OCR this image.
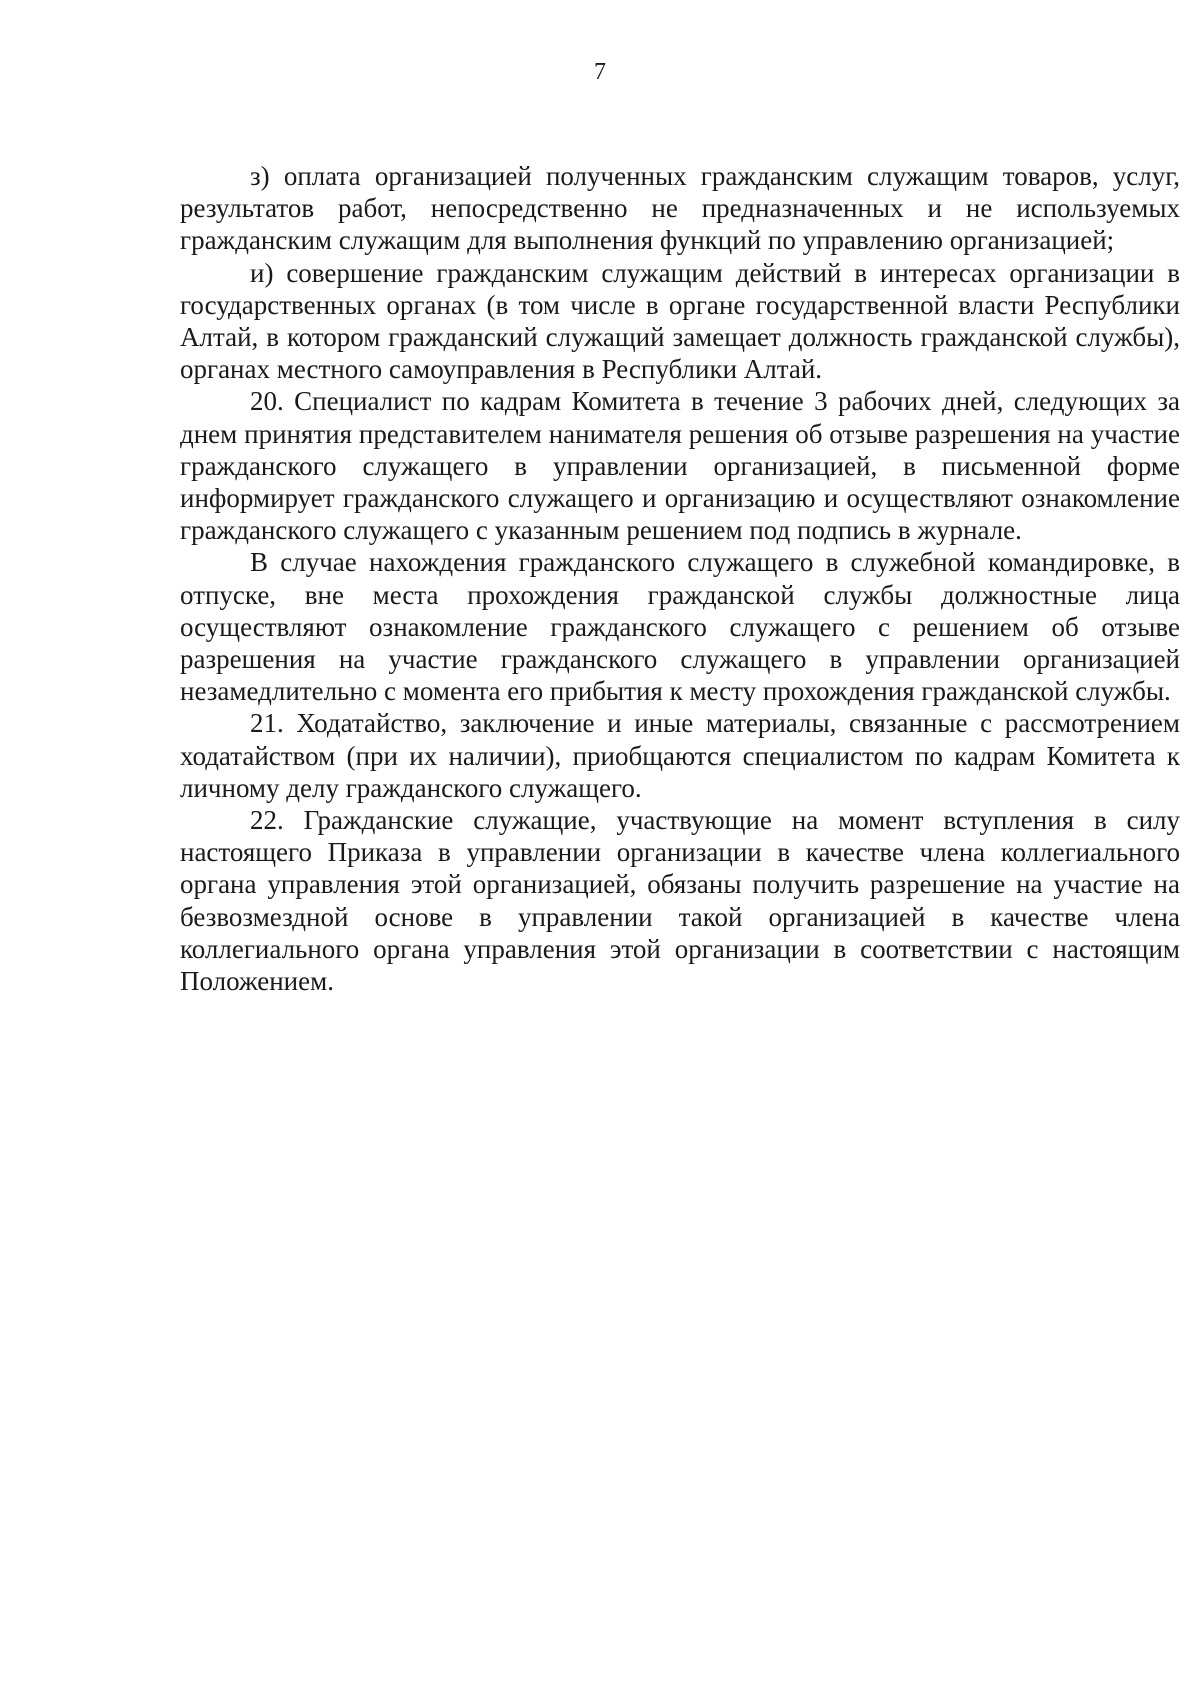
7

з) оплата организацией полученных гражданским служащим товаров, услуг, результатов работ, непосредственно не предназначенных и не используемых гражданским служащим для выполнения функций по управлению организацией;

и) совершение гражданским служащим действий в интересах организации в государственных органах (в том числе в органе государственной власти Республики Алтай, в котором гражданский служащий замещает должность гражданской службы), органах местного самоуправления в Республики Алтай.

20. Специалист по кадрам Комитета в течение 3 рабочих дней, следующих за днем принятия представителем нанимателя решения об отзыве разрешения на участие гражданского служащего в управлении организацией, в письменной форме информирует гражданского служащего и организацию и осуществляют ознакомление гражданского служащего с указанным решением под подпись в журнале.

В случае нахождения гражданского служащего в служебной командировке, в отпуске, вне места прохождения гражданской службы должностные лица осуществляют ознакомление гражданского служащего с решением об отзыве разрешения на участие гражданского служащего в управлении организацией незамедлительно с момента его прибытия к месту прохождения гражданской службы.

21. Ходатайство, заключение и иные материалы, связанные с рассмотрением ходатайством (при их наличии), приобщаются специалистом по кадрам Комитета к личному делу гражданского служащего.

22. Гражданские служащие, участвующие на момент вступления в силу настоящего Приказа в управлении организации в качестве члена коллегиального органа управления этой организацией, обязаны получить разрешение на участие на безвозмездной основе в управлении такой организацией в качестве члена коллегиального органа управления этой организации в соответствии с настоящим Положением.
